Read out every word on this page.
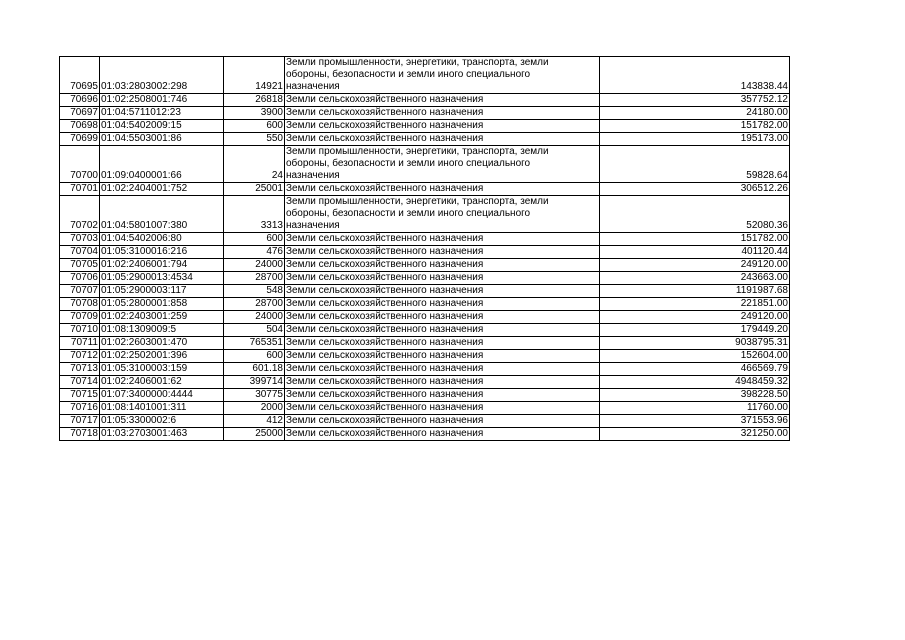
70695	01:03:2803002:298	14921	Земли промышленности, энергетики, транспорта, земли
обороны, безопасности и земли иного специального
назначения	143838.44
70696	01:02:2508001:746	26818	Земли сельскохозяйственного назначения	357752.12
70697	01:04:5711012:23	3900	Земли сельскохозяйственного назначения	24180.00
70698	01:04:5402009:15	600	Земли сельскохозяйственного назначения	151782.00
70699	01:04:5503001:86	550	Земли сельскохозяйственного назначения	195173.00
70700	01:09:0400001:66	24	Земли промышленности, энергетики, транспорта, земли
обороны, безопасности и земли иного специального
назначения	59828.64
70701	01:02:2404001:752	25001	Земли сельскохозяйственного назначения	306512.26
70702	01:04:5801007:380	3313	Земли промышленности, энергетики, транспорта, земли
обороны, безопасности и земли иного специального
назначения	52080.36
70703	01:04:5402006:80	600	Земли сельскохозяйственного назначения	151782.00
70704	01:05:3100016:216	476	Земли сельскохозяйственного назначения	401120.44
70705	01:02:2406001:794	24000	Земли сельскохозяйственного назначения	249120.00
70706	01:05:2900013:4534	28700	Земли сельскохозяйственного назначения	243663.00
70707	01:05:2900003:117	548	Земли сельскохозяйственного назначения	1191987.68
70708	01:05:2800001:858	28700	Земли сельскохозяйственного назначения	221851.00
70709	01:02:2403001:259	24000	Земли сельскохозяйственного назначения	249120.00
70710	01:08:1309009:5	504	Земли сельскохозяйственного назначения	179449.20
70711	01:02:2603001:470	765351	Земли сельскохозяйственного назначения	9038795.31
70712	01:02:2502001:396	600	Земли сельскохозяйственного назначения	152604.00
70713	01:05:3100003:159	601.18	Земли сельскохозяйственного назначения	466569.79
70714	01:02:2406001:62	399714	Земли сельскохозяйственного назначения	4948459.32
70715	01:07:3400000:4444	30775	Земли сельскохозяйственного назначения	398228.50
70716	01:08:1401001:311	2000	Земли сельскохозяйственного назначения	11760.00
70717	01:05:3300002:6	412	Земли сельскохозяйственного назначения	371553.96
70718	01:03:2703001:463	25000	Земли сельскохозяйственного назначения	321250.00
